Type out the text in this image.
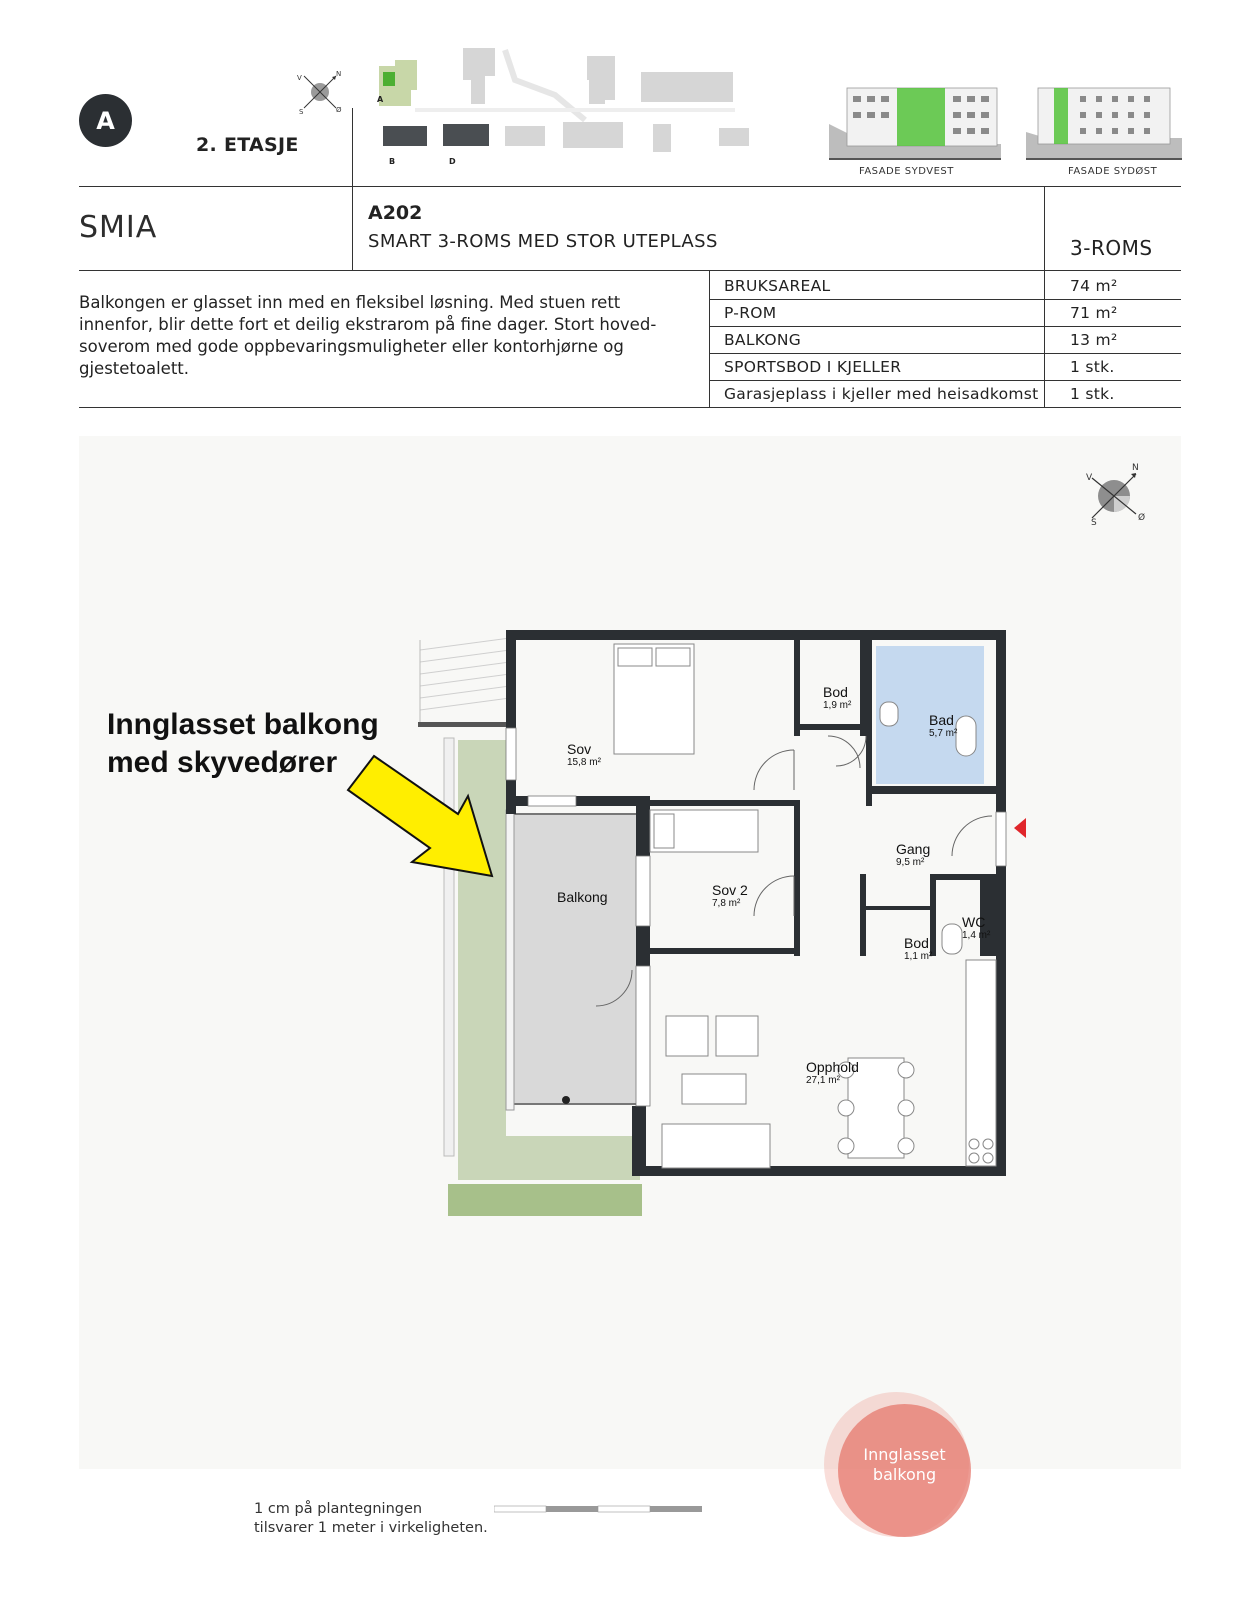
A
2. ETASJE
N
Ø
S
V
A
B	D
FASADE SYDVEST	FASADE SYDØST
SMIA	A202
SMART 3-ROMS MED STOR UTEPLASS	3-ROMS
Balkongen er glasset inn med en fleksibel løsning. Med stuen rett innenfor, blir dette fort et deilig ekstrarom på fine dager. Stort hovedsoverom med gode oppbevaringsmuligheter eller kontorhjørne og gjestetoalett.
BRUKSAREAL	74 m²
P-ROM	71 m²
BALKONG	13 m²
SPORTSBOD I KJELLER	1 stk.
Garasjeplass i kjeller med heisadkomst 1 stk.
N
Ø
S
V
Sov
15,8 m²
Bod
1,9 m²
Bad
5,7 m²
Gang
9,5 m²
Balkong	Sov 2
7,8 m²
WC
1,4 m²
Bod
1,1 m²
Opphold
27,1 m²
Innglasset balkong
med skyvedører
1 cm på plantegningen
tilsvarer 1 meter i virkeligheten.
Innglasset
balkong
